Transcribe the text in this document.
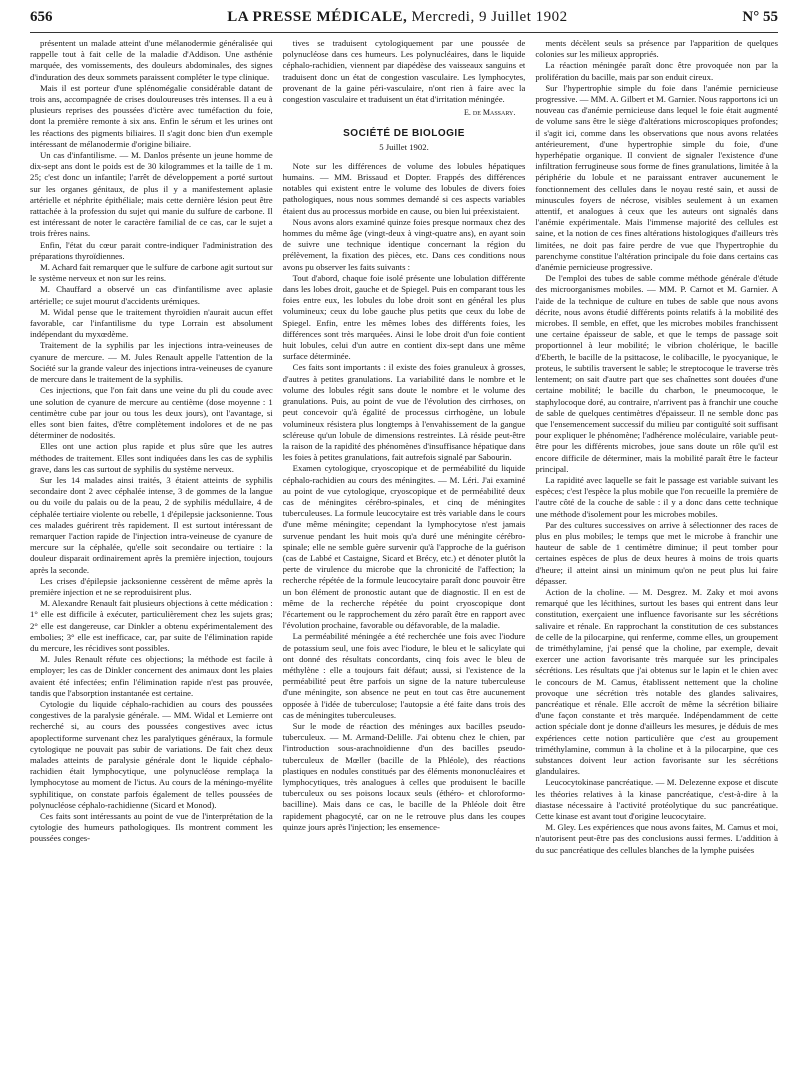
656	LA PRESSE MÉDICALE, Mercredi, 9 Juillet 1902	N° 55

présentent un malade atteint d'une mélanodermie généralisée qui rappelle tout à fait celle de la maladie d'Addison. Une asthénie marquée, des vomissements, des douleurs abdominales, des signes d'induration des deux sommets paraissent compléter le type clinique.

Mais il est porteur d'une splénomégalie considérable datant de trois ans, accompagnée de crises douloureuses très intenses. Il a eu à plusieurs reprises des poussées d'ictère avec tuméfaction du foie, dont la première remonte à six ans. Enfin le sérum et les urines ont les réactions des pigments biliaires. Il s'agit donc bien d'un exemple intéressant de mélanodermie d'origine biliaire.

Un cas d'infantilisme. — M. Danlos présente un jeune homme de dix-sept ans dont le poids est de 30 kilogrammes et la taille de 1 m. 25; c'est donc un infantile; l'arrêt de développement a porté surtout sur les organes génitaux, de plus il y a manifestement aplasie artérielle et néphrite épithéliale; mais cette dernière lésion peut être rattachée à la profession du sujet qui manie du sulfure de carbone. Il est intéressant de noter le caractère familial de ce cas, car le sujet a trois frères nains.

Enfin, l'état du cœur parait contre-indiquer l'administration des préparations thyroïdiennes.

M. Achard fait remarquer que le sulfure de carbone agit surtout sur le système nerveux et non sur les reins.

M. Chauffard a observé un cas d'infantilisme avec aplasie artérielle; ce sujet mourut d'accidents urémiques.

M. Widal pense que le traitement thyroïdien n'aurait aucun effet favorable, car l'infantilisme du type Lorrain est absolument indépendant du myxœdème.

Traitement de la syphilis par les injections intra-veineuses de cyanure de mercure. — M. Jules Renault appelle l'attention de la Société sur la grande valeur des injections intra-veineuses de cyanure de mercure dans le traitement de la syphilis.

Ces injections, que l'on fait dans une veine du pli du coude avec une solution de cyanure de mercure au centième (dose moyenne : 1 centimètre cube par jour ou tous les deux jours), ont l'avantage, si elles sont bien faites, d'être complètement indolores et de ne pas déterminer de nodosités.

Elles ont une action plus rapide et plus sûre que les autres méthodes de traitement. Elles sont indiquées dans les cas de syphilis grave, dans les cas surtout de syphilis du système nerveux.

Sur les 14 malades ainsi traités, 3 étaient atteints de syphilis secondaire dont 2 avec céphalée intense, 3 de gommes de la langue ou du voile du palais ou de la peau, 2 de syphilis médullaire, 4 de céphalée tertiaire violente ou rebelle, 1 d'épilepsie jacksonienne. Tous ces malades guérirent très rapidement. Il est surtout intéressant de remarquer l'action rapide de l'injection intra-veineuse de cyanure de mercure sur la céphalée, qu'elle soit secondaire ou tertiaire : la douleur disparait ordinairement après la première injection, toujours après la seconde.

Les crises d'épilepsie jacksonienne cessèrent de même après la première injection et ne se reproduisirent plus.

M. Alexandre Renault fait plusieurs objections à cette médication : 1° elle est difficile à exécuter, particulièrement chez les sujets gras; 2° elle est dangereuse, car Dinkler a obtenu expérimentalement des embolies; 3° elle est inefficace, car, par suite de l'élimination rapide du mercure, les récidives sont possibles.

M. Jules Renault réfute ces objections; la méthode est facile à employer; les cas de Dinkler concernent des animaux dont les plaies avaient été infectées; enfin l'élimination rapide n'est pas prouvée, tandis que l'absorption instantanée est certaine.

Cytologie du liquide céphalo-rachidien au cours des poussées congestives de la paralysie générale. — MM. Widal et Lemierre ont recherché si, au cours des poussées congestives avec ictus apoplectiforme survenant chez les paralytiques généraux, la formule cytologique ne pouvait pas subir de variations. De fait chez deux malades atteints de paralysie générale dont le liquide céphalo-rachidien était lymphocytique, une polynucléose remplaça la lymphocytose au moment de l'ictus. Au cours de la méningo-myélite syphilitique, on constate parfois également de telles poussées de polynucléose céphalo-rachidienne (Sicard et Monod).

Ces faits sont intéressants au point de vue de l'interprétation de la cytologie des humeurs pathologiques. Ils montrent comment les poussées conges-

tives se traduisent cytologiquement par une poussée de polynucléose dans ces humeurs. Les polynucléaires, dans le liquide céphalo-rachidien, viennent par diapédèse des vaisseaux sanguins et traduisent donc un état de congestion vasculaire. Les lymphocytes, provenant de la gaine péri-vasculaire, n'ont rien à faire avec la congestion vasculaire et traduisent un état d'irritation méningée.

E. de Massary.
SOCIÉTÉ DE BIOLOGIE
5 Juillet 1902.

Note sur les différences de volume des lobules hépatiques humains. — MM. Brissaud et Dopter. Frappés des différences notables qui existent entre le volume des lobules de divers foies pathologiques, nous nous sommes demandé si ces aspects variables étaient dus au processus morbide en cause, ou bien lui préexistaient.

Nous avons alors examiné quinze foies presque normaux chez des hommes du même âge (vingt-deux à vingt-quatre ans), en ayant soin de suivre une technique identique concernant la région du prélèvement, la fixation des pièces, etc. Dans ces conditions nous avons pu observer les faits suivants :

Tout d'abord, chaque foie isolé présente une lobulation différente dans les lobes droit, gauche et de Spiegel. Puis en comparant tous les foies entre eux, les lobules du lobe droit sont en général les plus volumineux; ceux du lobe gauche plus petits que ceux du lobe de Spiegel. Enfin, entre les mêmes lobes des différents foies, les différences sont très marquées. Ainsi le lobe droit d'un foie contient huit lobules, celui d'un autre en contient dix-sept dans une même surface déterminée.

Ces faits sont importants : il existe des foies granuleux à grosses, d'autres à petites granulations. La variabilité dans le nombre et le volume des lobules régit sans doute le nombre et le volume des granulations. Puis, au point de vue de l'évolution des cirrhoses, on peut concevoir qu'à égalité de processus cirrhogène, un lobule volumineux résistera plus longtemps à l'envahissement de la gangue scléreuse qu'un lobule de dimensions restreintes. Là réside peut-être la raison de la rapidité des phénomènes d'insuffisance hépatique dans les foies à petites granulations, fait autrefois signalé par Sabourin.

Examen cytologique, cryoscopique et de perméabilité du liquide céphalo-rachidien au cours des méningites. — M. Léri. J'ai examiné au point de vue cytologique, cryoscopique et de perméabilité deux cas de méningites cérébro-spinales, et cinq de méningites tuberculeuses. La formule leucocytaire est très variable dans le cours d'une même méningite; cependant la lymphocytose n'est jamais survenue pendant les huit mois qu'a duré une méningite cérébro-spinale; elle ne semble guère survenir qu'à l'approche de la guérison (cas de Labbé et Castaigne, Sicard et Brécy, etc.) et dénoter plutôt la perte de virulence du microbe que la chronicité de l'affection; la recherche répétée de la formule leucocytaire paraît donc pouvoir être un bon élément de pronostic autant que de diagnostic. Il en est de même de la recherche répétée du point cryoscopique dont l'écartement ou le rapprochement du zéro paraît être en rapport avec l'évolution prochaine, favorable ou défavorable, de la maladie.

La perméabilité méningée a été recherchée une fois avec l'iodure de potassium seul, une fois avec l'iodure, le bleu et le salicylate qui ont donné des résultats concordants, cinq fois avec le bleu de méthylène : elle a toujours fait défaut; aussi, si l'existence de la perméabilité peut être parfois un signe de la nature tuberculeuse d'une méningite, son absence ne peut en tout cas être aucunement opposée à l'idée de tuberculose; l'autopsie a été faite dans trois des cas de méningites tuberculeuses.

Sur le mode de réaction des méninges aux bacilles pseudo-tuberculeux. — M. Armand-Delille. J'ai obtenu chez le chien, par l'introduction sous-arachnoïdienne d'un des bacilles pseudo-tuberculeux de Mœller (bacille de la Phléole), des réactions plastiques en nodules constitués par des éléments mononucléaires et lymphocytiques, très analogues à celles que produisent le bacille tuberculeux ou ses poisons locaux seuls (éthéro- et chloroformo-bacilline). Mais dans ce cas, le bacille de la Phléole doit être rapidement phagocyté, car on ne le retrouve plus dans les coupes quinze jours après l'injection; les ensemence-

ments décèlent seuls sa présence par l'apparition de quelques colonies sur les milieux appropriés.

La réaction méningée paraît donc être provoquée non par la prolifération du bacille, mais par son enduit cireux.

Sur l'hypertrophie simple du foie dans l'anémie pernicieuse progressive. — MM. A. Gilbert et M. Garnier. Nous rapportons ici un nouveau cas d'anémie pernicieuse dans lequel le foie était augmenté de volume sans être le siège d'altérations microscopiques profondes; il s'agit ici, comme dans les observations que nous avons relatées antérieurement, d'une hypertrophie simple du foie, d'une hyperhépatie organique. Il convient de signaler l'existence d'une infiltration ferrugineuse sous forme de fines granulations, limitée à la périphérie du lobule et ne paraissant entraver aucunement le fonctionnement des cellules dans le noyau resté sain, et aussi de minuscules foyers de nécrose, visibles seulement à un examen attentif, et analogues à ceux que les auteurs ont signalés dans l'anémie expérimentale. Mais l'immense majorité des cellules est saine, et la notion de ces fines altérations histologiques d'ailleurs très limitées, ne doit pas faire perdre de vue que l'hypertrophie du parenchyme constitue l'altération principale du foie dans certains cas d'anémie pernicieuse progressive.

De l'emploi des tubes de sable comme méthode générale d'étude des microorganismes mobiles. — MM. P. Carnot et M. Garnier. A l'aide de la technique de culture en tubes de sable que nous avons décrite, nous avons étudié différents points relatifs à la mobilité des microbes. Il semble, en effet, que les microbes mobiles franchissent une certaine épaisseur de sable, et que le temps de passage soit proportionnel à leur mobilité; le vibrion cholérique, le bacille d'Eberth, le bacille de la psittacose, le colibacille, le pyocyanique, le proteus, le subtilis traversent le sable; le streptocoque le traverse très lentement; on sait d'autre part que ses chaînettes sont douées d'une certaine mobilité; le bacille du charbon, le pneumocoque, le staphylocoque doré, au contraire, n'arrivent pas à franchir une couche de sable de quelques centimètres d'épaisseur. Il ne semble donc pas que l'ensemencement successif du milieu par contiguïté soit suffisant pour expliquer le phénomène; l'adhérence moléculaire, variable peut-être pour les différents microbes, joue sans doute un rôle qu'il est encore difficile de déterminer, mais la mobilité paraît être le facteur principal.

La rapidité avec laquelle se fait le passage est variable suivant les espèces; c'est l'espèce la plus mobile que l'on recueille la première de l'autre côté de la couche de sable : il y a donc dans cette technique une méthode d'isolement pour les microbes mobiles.

Par des cultures successives on arrive à sélectionner des races de plus en plus mobiles; le temps que met le microbe à franchir une hauteur de sable de 1 centimètre diminue; il peut tomber pour certaines espèces de plus de deux heures à moins de trois quarts d'heure; il atteint ainsi un minimum qu'on ne peut plus lui faire dépasser.

Action de la choline. — M. Desgrez. M. Zaky et moi avons remarqué que les lécithines, surtout les bases qui entrent dans leur constitution, exerçaient une influence favorisante sur les sécrétions salivaire et rénale. En rapprochant la constitution de ces substances de celle de la pilocarpine, qui renferme, comme elles, un groupement de triméthylamine, j'ai pensé que la choline, par exemple, devait exercer une action favorisante très marquée sur les principales sécrétions. Les résultats que j'ai obtenus sur le lapin et le chien avec le concours de M. Camus, établissent nettement que la choline provoque une sécrétion très notable des glandes salivaires, pancréatique et rénale. Elle accroît de même la sécrétion biliaire d'une façon constante et très marquée. Indépendamment de cette action spéciale dont je donne d'ailleurs les mesures, je déduis de mes expériences cette notion particulière que c'est au groupement triméthylamine, commun à la choline et à la pilocarpine, que ces substances doivent leur action favorisante sur les sécrétions glandulaires.

Leucocytokinase pancréatique. — M. Delezenne expose et discute les théories relatives à la kinase pancréatique, c'est-à-dire à la diastase nécessaire à l'activité protéolytique du suc pancréatique. Cette kinase est avant tout d'origine leucocytaire.

M. Gley. Les expériences que nous avons faites, M. Camus et moi, n'autorisent peut-être pas des conclusions aussi fermes. L'addition à du suc pancréatique des cellules blanches de la lymphe puisées
